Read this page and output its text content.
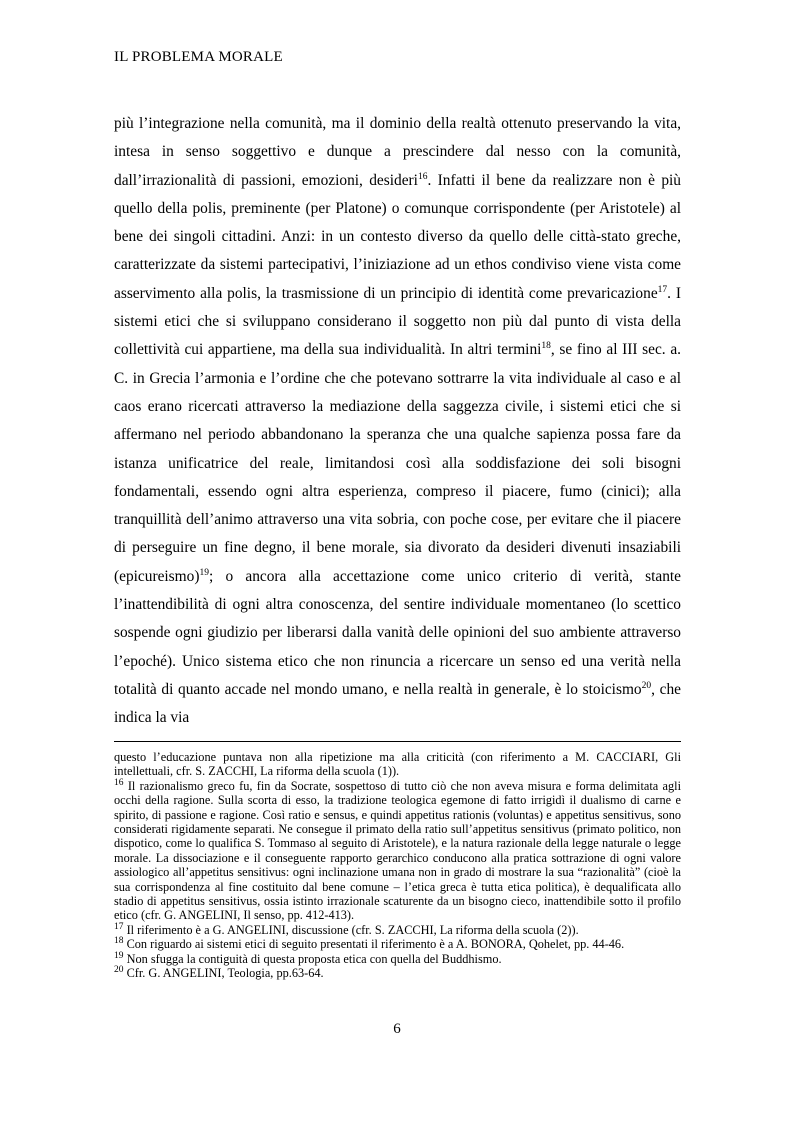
IL PROBLEMA MORALE

più l’integrazione nella comunità, ma il dominio della realtà ottenuto preservando la vita, intesa in senso soggettivo e dunque a prescindere dal nesso con la comunità, dall’irrazionalità di passioni, emozioni, desideri$^{16}$. Infatti il bene da realizzare non è più quello della polis, preminente (per Platone) o comunque corrispondente (per Aristotele) al bene dei singoli cittadini. Anzi: in un contesto diverso da quello delle città-stato greche, caratterizzate da sistemi partecipativi, l’iniziazione ad un ethos condiviso viene vista come asservimento alla polis, la trasmissione di un principio di identità come prevaricazione$^{17}$. I sistemi etici che si sviluppano considerano il soggetto non più dal punto di vista della collettività cui appartiene, ma della sua individualità. In altri termini$^{18}$, se fino al III sec. a. C. in Grecia l’armonia e l’ordine che che potevano sottrarre la vita individuale al caso e al caos erano ricercati attraverso la mediazione della saggezza civile, i sistemi etici che si affermano nel periodo abbandonano la speranza che una qualche sapienza possa fare da istanza unificatrice del reale, limitandosi così alla soddisfazione dei soli bisogni fondamentali, essendo ogni altra esperienza, compreso il piacere, fumo (cinici); alla tranquillità dell’animo attraverso una vita sobria, con poche cose, per evitare che il piacere di perseguire un fine degno, il bene morale, sia divorato da desideri divenuti insaziabili (epicureismo)$^{19}$; o ancora alla accettazione come unico criterio di verità, stante l’inattendibilità di ogni altra conoscenza, del sentire individuale momentaneo (lo scettico sospende ogni giudizio per liberarsi dalla vanità delle opinioni del suo ambiente attraverso l’epoché). Unico sistema etico che non rinuncia a ricercare un senso ed una verità nella totalità di quanto accade nel mondo umano, e nella realtà in generale, è lo stoicismo$^{20}$, che indica la via

questo l’educazione puntava non alla ripetizione ma alla criticità (con riferimento a M. CACCIARI, Gli intellettuali, cfr. S. ZACCHI, La riforma della scuola (1)).

$^{16}$ Il razionalismo greco fu, fin da Socrate, sospettoso di tutto ciò che non aveva misura e forma delimitata agli occhi della ragione. Sulla scorta di esso, la tradizione teologica egemone di fatto irrigidì il dualismo di carne e spirito, di passione e ragione. Così ratio e sensus, e quindi appetitus rationis (voluntas) e appetitus sensitivus, sono considerati rigidamente separati. Ne consegue il primato della ratio sull’appetitus sensitivus (primato politico, non dispotico, come lo qualifica S. Tommaso al seguito di Aristotele), e la natura razionale della legge naturale o legge morale. La dissociazione e il conseguente rapporto gerarchico conducono alla pratica sottrazione di ogni valore assiologico all’appetitus sensitivus: ogni inclinazione umana non in grado di mostrare la sua “razionalità” (cioè la sua corrispondenza al fine costituito dal bene comune – l’etica greca è tutta etica politica), è dequalificata allo stadio di appetitus sensitivus, ossia istinto irrazionale scaturente da un bisogno cieco, inattendibile sotto il profilo etico (cfr. G. ANGELINI, Il senso, pp. 412-413).

$^{17}$ Il riferimento è a G. ANGELINI, discussione (cfr. S. ZACCHI, La riforma della scuola (2)).

$^{18}$ Con riguardo ai sistemi etici di seguito presentati il riferimento è a A. BONORA, Qohelet, pp. 44-46.

$^{19}$ Non sfugga la contiguità di questa proposta etica con quella del Buddhismo.

$^{20}$ Cfr. G. ANGELINI, Teologia, pp.63-64.

6
